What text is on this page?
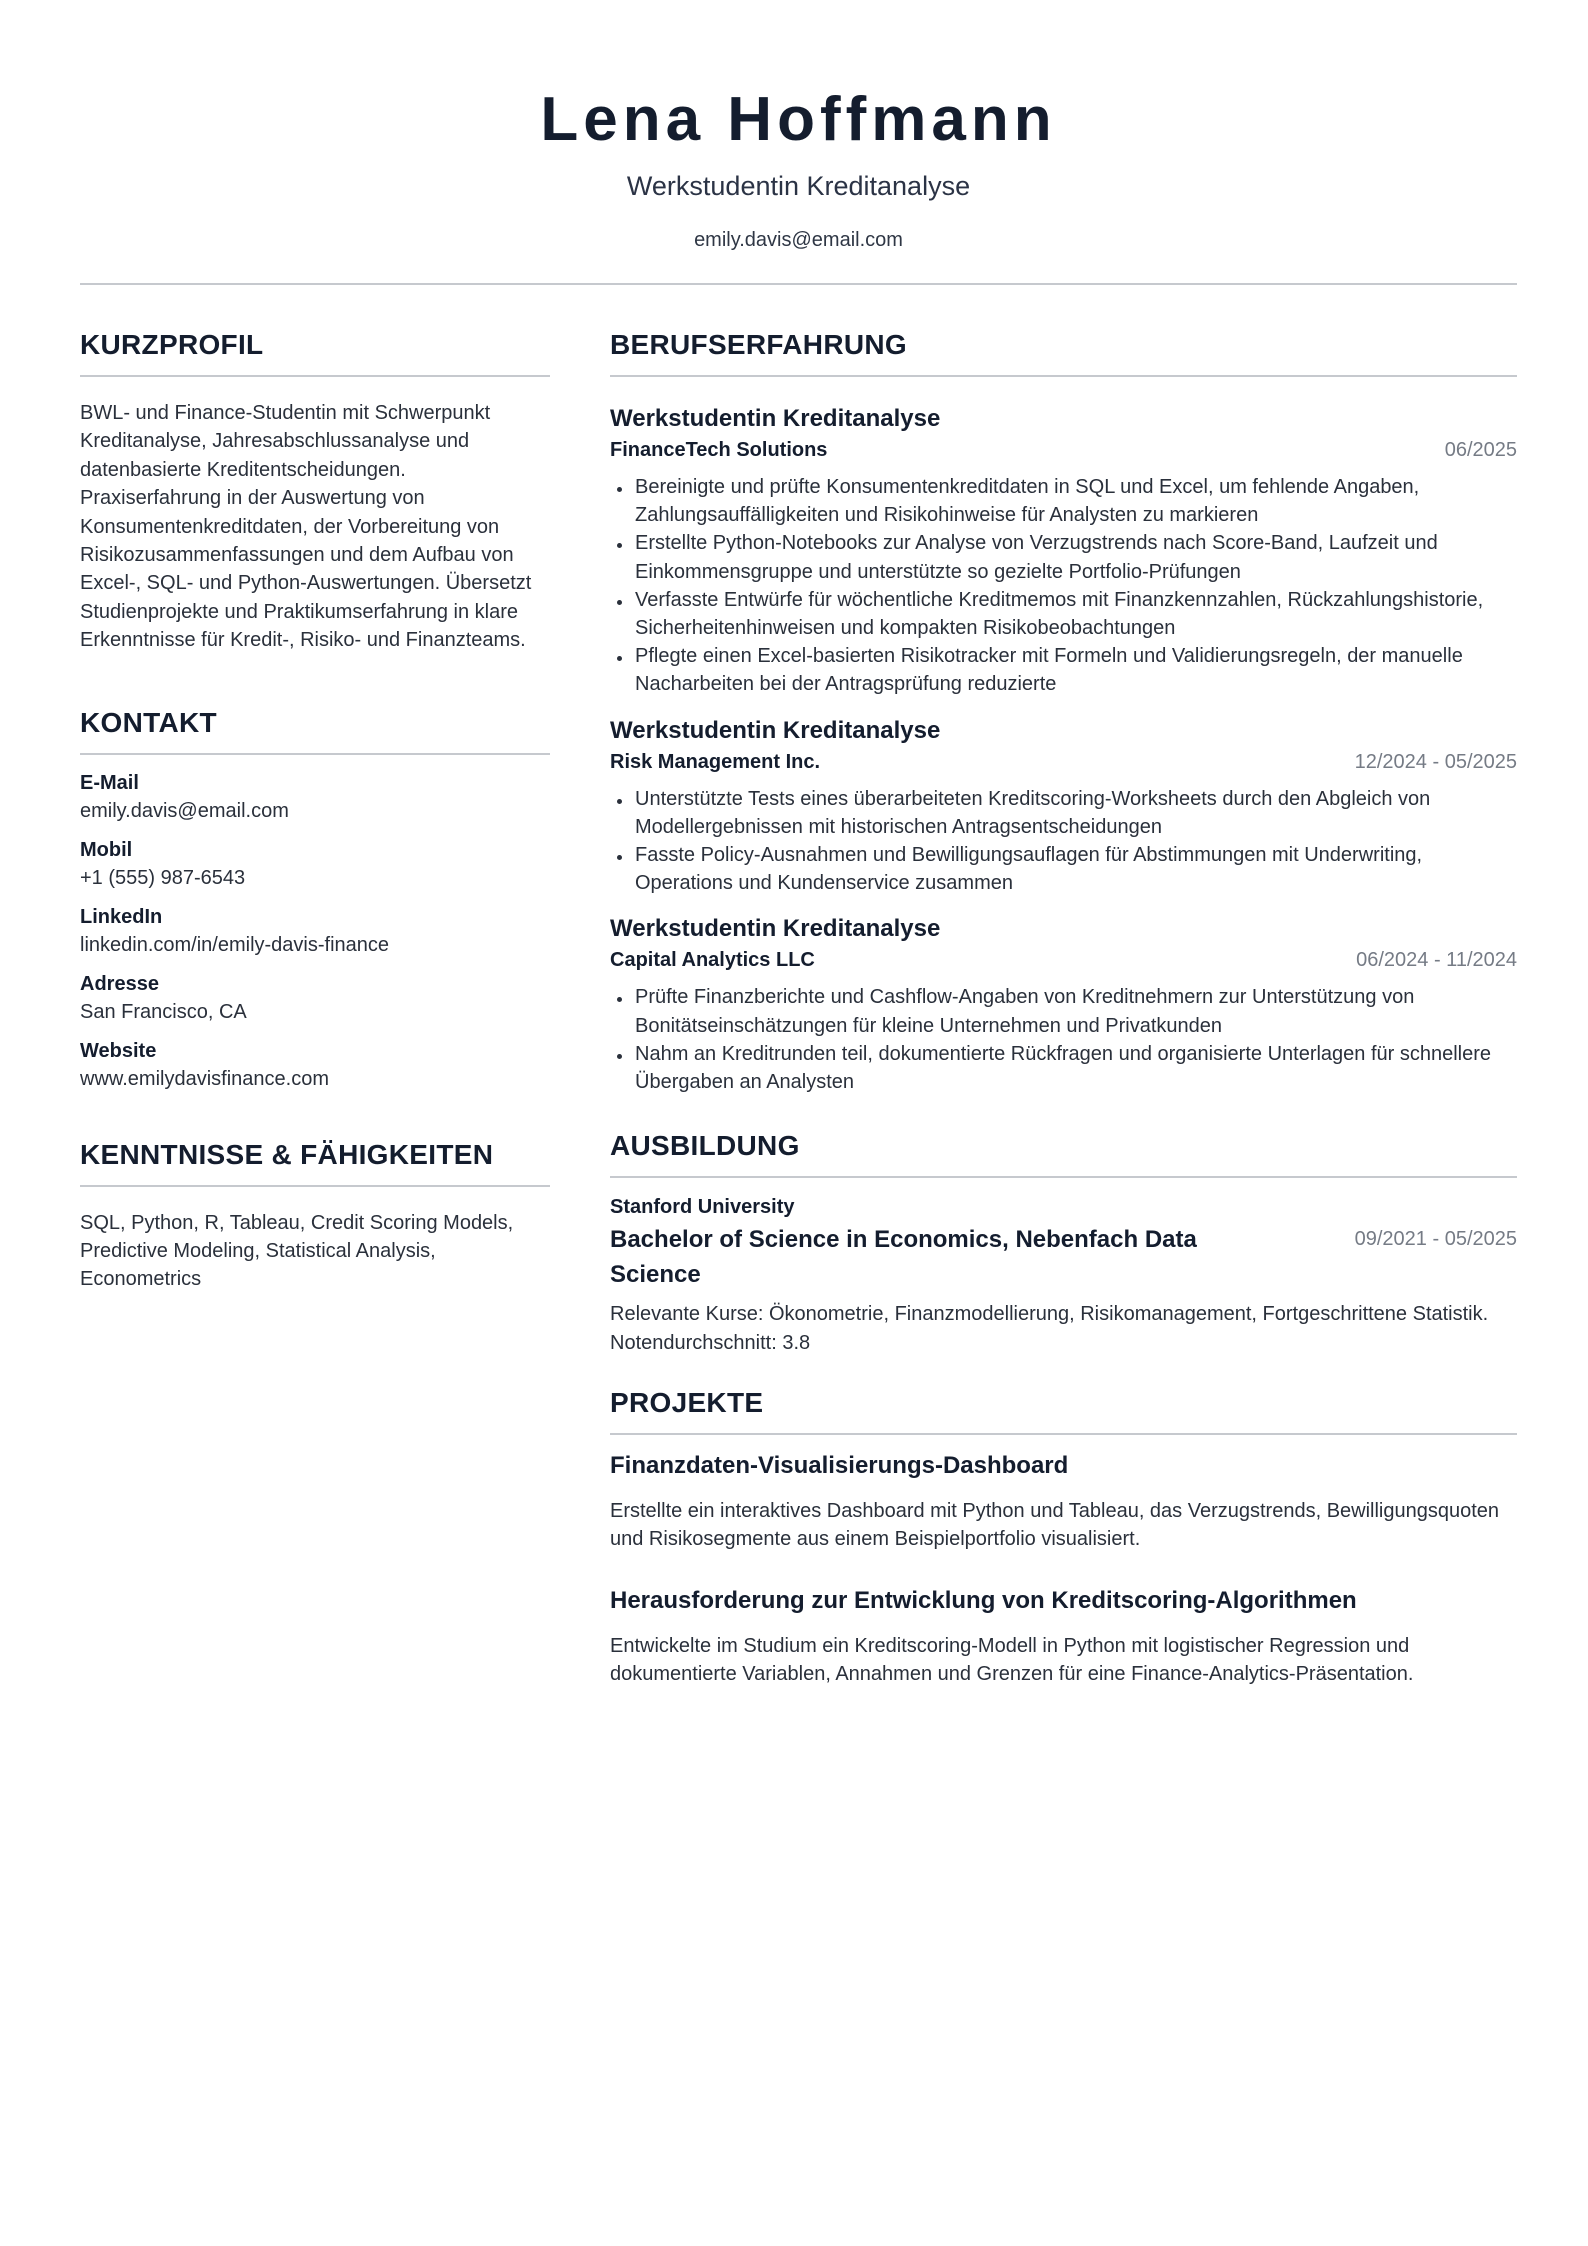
Lena Hoffmann
Werkstudentin Kreditanalyse
emily.davis@email.com
KURZPROFIL
BWL- und Finance-Studentin mit Schwerpunkt Kreditanalyse, Jahresabschlussanalyse und datenbasierte Kreditentscheidungen. Praxiserfahrung in der Auswertung von Konsumentenkreditdaten, der Vorbereitung von Risikozusammenfassungen und dem Aufbau von Excel-, SQL- und Python-Auswertungen. Übersetzt Studienprojekte und Praktikumserfahrung in klare Erkenntnisse für Kredit-, Risiko- und Finanzteams.
KONTAKT
E-Mail
emily.davis@email.com
Mobil
+1 (555) 987-6543
LinkedIn
linkedin.com/in/emily-davis-finance
Adresse
San Francisco, CA
Website
www.emilydavisfinance.com
KENNTNISSE & FÄHIGKEITEN
SQL, Python, R, Tableau, Credit Scoring Models, Predictive Modeling, Statistical Analysis, Econometrics
BERUFSERFAHRUNG
Werkstudentin Kreditanalyse
FinanceTech Solutions	06/2025
Bereinigte und prüfte Konsumentenkreditdaten in SQL und Excel, um fehlende Angaben, Zahlungsauffälligkeiten und Risikohinweise für Analysten zu markieren
Erstellte Python-Notebooks zur Analyse von Verzugstrends nach Score-Band, Laufzeit und Einkommensgruppe und unterstützte so gezielte Portfolio-Prüfungen
Verfasste Entwürfe für wöchentliche Kreditmemos mit Finanzkennzahlen, Rückzahlungshistorie, Sicherheitenhinweisen und kompakten Risikobeobachtungen
Pflegte einen Excel-basierten Risikotracker mit Formeln und Validierungsregeln, der manuelle Nacharbeiten bei der Antragsprüfung reduzierte
Werkstudentin Kreditanalyse
Risk Management Inc.	12/2024 - 05/2025
Unterstützte Tests eines überarbeiteten Kreditscoring-Worksheets durch den Abgleich von Modellergebnissen mit historischen Antragsentscheidungen
Fasste Policy-Ausnahmen und Bewilligungsauflagen für Abstimmungen mit Underwriting, Operations und Kundenservice zusammen
Werkstudentin Kreditanalyse
Capital Analytics LLC	06/2024 - 11/2024
Prüfte Finanzberichte und Cashflow-Angaben von Kreditnehmern zur Unterstützung von Bonitätseinschätzungen für kleine Unternehmen und Privatkunden
Nahm an Kreditrunden teil, dokumentierte Rückfragen und organisierte Unterlagen für schnellere Übergaben an Analysten
AUSBILDUNG
Stanford University
Bachelor of Science in Economics, Nebenfach Data Science
09/2021 - 05/2025
Relevante Kurse: Ökonometrie, Finanzmodellierung, Risikomanagement, Fortgeschrittene Statistik. Notendurchschnitt: 3.8
PROJEKTE
Finanzdaten-Visualisierungs-Dashboard
Erstellte ein interaktives Dashboard mit Python und Tableau, das Verzugstrends, Bewilligungsquoten und Risikosegmente aus einem Beispielportfolio visualisiert.
Herausforderung zur Entwicklung von Kreditscoring-Algorithmen
Entwickelte im Studium ein Kreditscoring-Modell in Python mit logistischer Regression und dokumentierte Variablen, Annahmen und Grenzen für eine Finance-Analytics-Präsentation.
